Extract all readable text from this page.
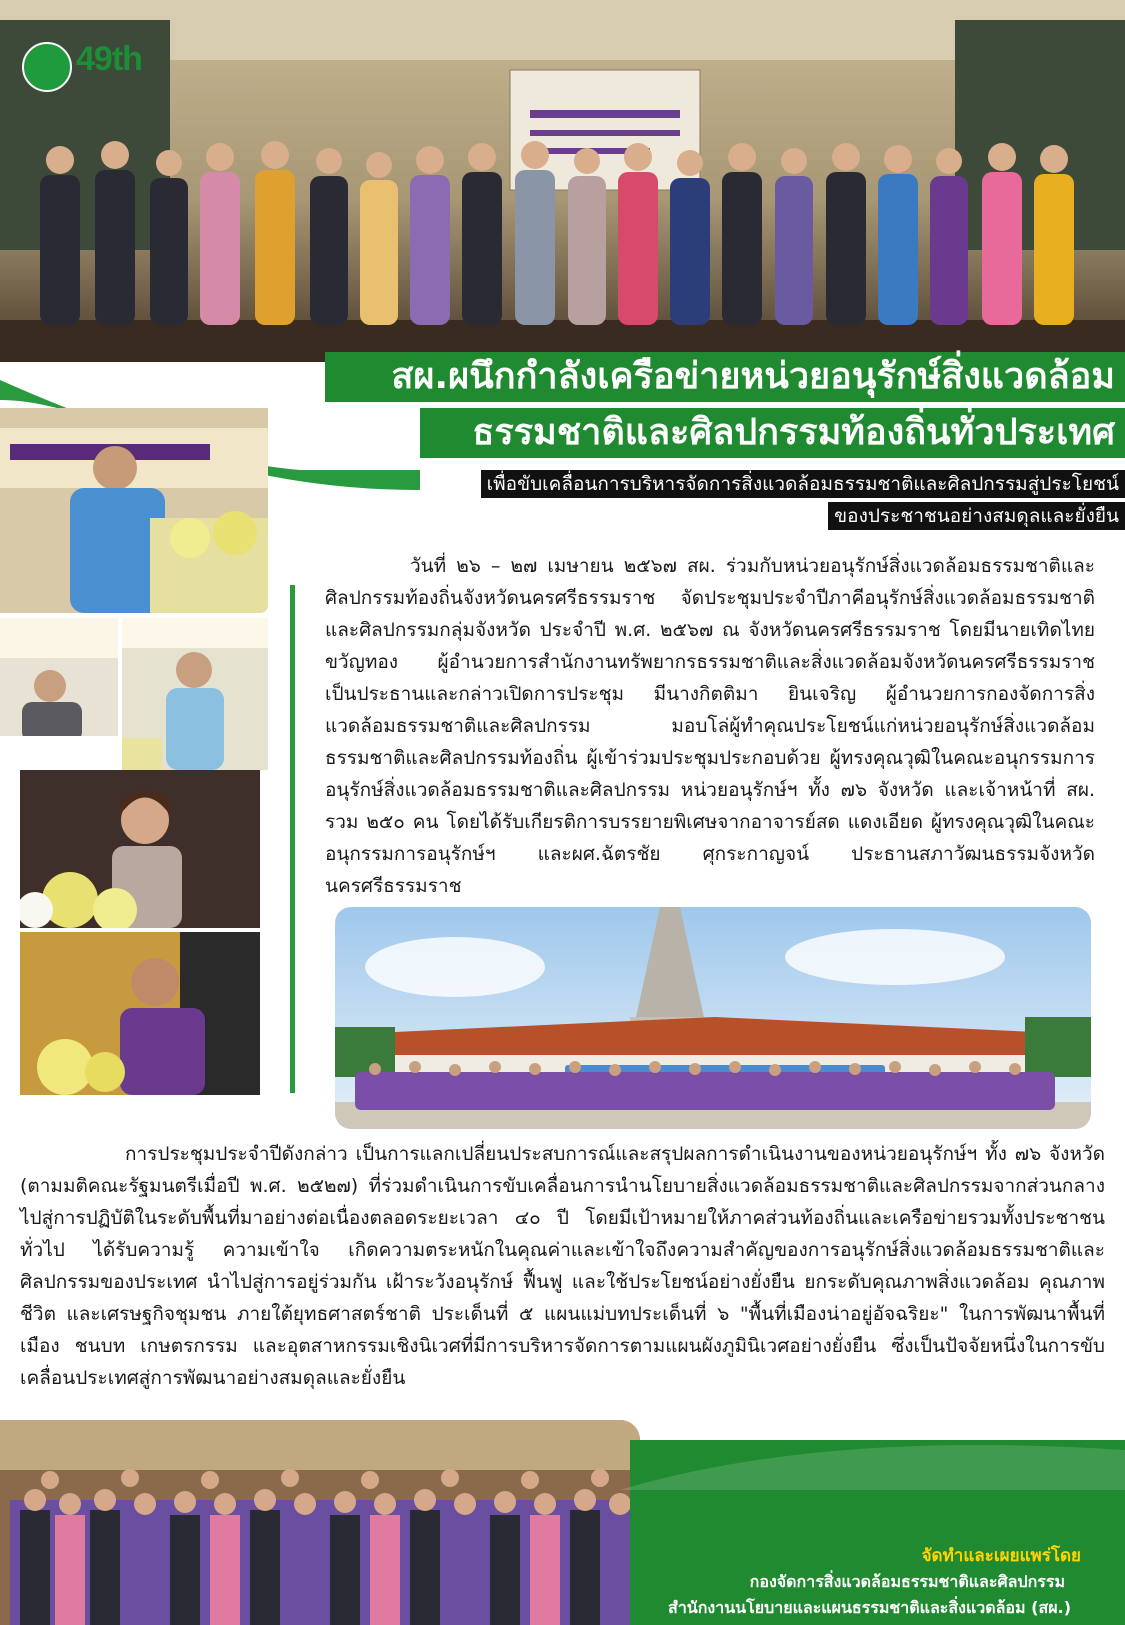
49th
สผ.ผนึกกำลังเครือข่ายหน่วยอนุรักษ์สิ่งแวดล้อม
ธรรมชาติและศิลปกรรมท้องถิ่นทั่วประเทศ
เพื่อขับเคลื่อนการบริหารจัดการสิ่งแวดล้อมธรรมชาติและศิลปกรรมสู่ประโยชน์
ของประชาชนอย่างสมดุลและยั่งยืน
วันที่ ๒๖ – ๒๗ เมษายน ๒๕๖๗ สผ. ร่วมกับหน่วยอนุรักษ์สิ่งแวดล้อมธรรมชาติและศิลปกรรมท้องถิ่นจังหวัดนครศรีธรรมราช จัดประชุมประจำปีภาคีอนุรักษ์สิ่งแวดล้อมธรรมชาติและศิลปกรรมกลุ่มจังหวัด ประจำปี พ.ศ. ๒๕๖๗ ณ จังหวัดนครศรีธรรมราช โดยมีนายเทิดไทย ขวัญทอง ผู้อำนวยการสำนักงานทรัพยากรธรรมชาติและสิ่งแวดล้อมจังหวัดนครศรีธรรมราช เป็นประธานและกล่าวเปิดการประชุม มีนางกิตติมา ยินเจริญ ผู้อำนวยการกองจัดการสิ่งแวดล้อมธรรมชาติและศิลปกรรม มอบโล่ผู้ทำคุณประโยชน์แก่หน่วยอนุรักษ์สิ่งแวดล้อมธรรมชาติและศิลปกรรมท้องถิ่น ผู้เข้าร่วมประชุมประกอบด้วย ผู้ทรงคุณวุฒิในคณะอนุกรรมการอนุรักษ์สิ่งแวดล้อมธรรมชาติและศิลปกรรม หน่วยอนุรักษ์ฯ ทั้ง ๗๖ จังหวัด และเจ้าหน้าที่ สผ. รวม ๒๕๐ คน โดยได้รับเกียรติการบรรยายพิเศษจากอาจารย์สด แดงเอียด ผู้ทรงคุณวุฒิในคณะอนุกรรมการอนุรักษ์ฯ และผศ.ฉัตรชัย ศุกระกาญจน์ ประธานสภาวัฒนธรรมจังหวัดนครศรีธรรมราช
การประชุมประจำปีดังกล่าว เป็นการแลกเปลี่ยนประสบการณ์และสรุปผลการดำเนินงานของหน่วยอนุรักษ์ฯ ทั้ง ๗๖ จังหวัด (ตามมติคณะรัฐมนตรีเมื่อปี พ.ศ. ๒๕๒๗) ที่ร่วมดำเนินการขับเคลื่อนการนำนโยบายสิ่งแวดล้อมธรรมชาติและศิลปกรรมจากส่วนกลาง ไปสู่การปฏิบัติในระดับพื้นที่มาอย่างต่อเนื่องตลอดระยะเวลา ๔๐ ปี โดยมีเป้าหมายให้ภาคส่วนท้องถิ่นและเครือข่ายรวมทั้งประชาชนทั่วไป ได้รับความรู้ ความเข้าใจ เกิดความตระหนักในคุณค่าและเข้าใจถึงความสำคัญของการอนุรักษ์สิ่งแวดล้อมธรรมชาติและศิลปกรรมของประเทศ นำไปสู่การอยู่ร่วมกัน เฝ้าระวังอนุรักษ์ ฟื้นฟู และใช้ประโยชน์อย่างยั่งยืน ยกระดับคุณภาพสิ่งแวดล้อม คุณภาพชีวิต และเศรษฐกิจชุมชน ภายใต้ยุทธศาสตร์ชาติ ประเด็นที่ ๕ แผนแม่บทประเด็นที่ ๖ "พื้นที่เมืองน่าอยู่อัจฉริยะ" ในการพัฒนาพื้นที่เมือง ชนบท เกษตรกรรม และอุตสาหกรรมเชิงนิเวศที่มีการบริหารจัดการตามแผนผังภูมินิเวศอย่างยั่งยืน ซึ่งเป็นปัจจัยหนึ่งในการขับเคลื่อนประเทศสู่การพัฒนาอย่างสมดุลและยั่งยืน
จัดทำและเผยแพร่โดย
กองจัดการสิ่งแวดล้อมธรรมชาติและศิลปกรรม
สำนักงานนโยบายและแผนธรรมชาติและสิ่งแวดล้อม (สผ.)
